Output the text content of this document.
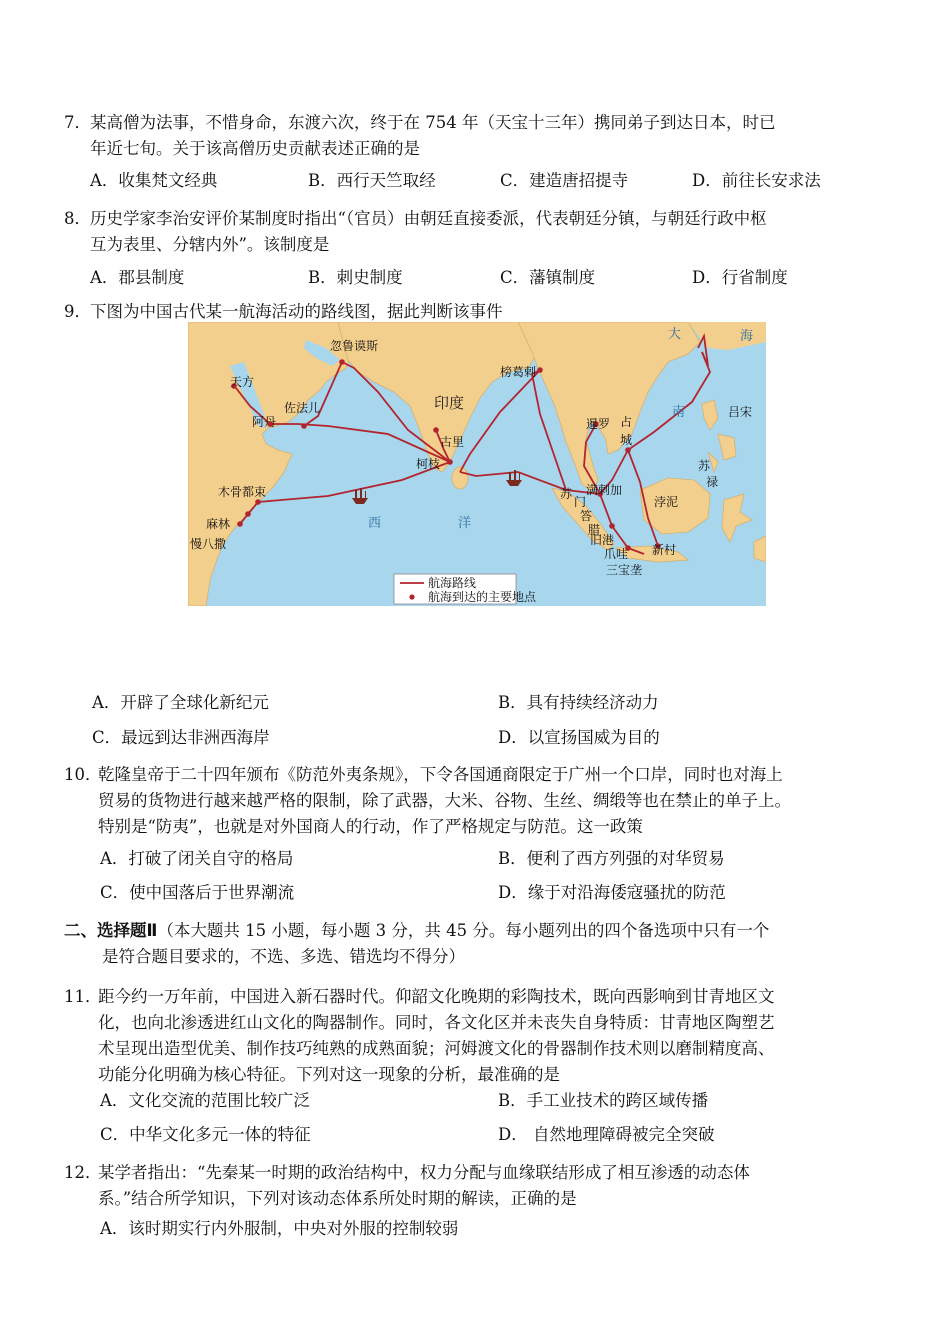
7． 某高僧为法事，不惜身命，东渡六次，终于在 754 年（天宝十三年）携同弟子到达日本，时已
年近七旬。关于该高僧历史贡献表述正确的是
A．收集梵文经典	B．西行天竺取经	C．建造唐招提寺	D．前往长安求法
8． 历史学家李治安评价某制度时指出“（官员）由朝廷直接委派，代表朝廷分镇，与朝廷行政中枢
互为表里、分辖内外”。该制度是
A．郡县制度	B．刺史制度	C．藩镇制度	D．行省制度
9． 下图为中国古代某一航海活动的路线图，据此判断该事件
印度
西	洋
大	海
南
忽鲁谟斯
天方
阿丹
佐法儿
榜葛剌
古里
柯枝
木骨都束
麻林
慢八撒
暹罗 占
城
吕宋
苏
禄
浡泥
满剌加
苏
门
答
腊
旧港
爪哇 新村
三宝垄
航海路线
航海到达的主要地点
A．开辟了全球化新纪元	B．具有持续经济动力
C．最远到达非洲西海岸	D．以宣扬国威为目的
10．
乾隆皇帝于二十四年颁布《防范外夷条规》，下令各国通商限定于广州一个口岸，同时也对海上
贸易的货物进行越来越严格的限制，除了武器，大米、谷物、生丝、绸缎等也在禁止的单子上。
特别是“防夷”，也就是对外国商人的行动，作了严格规定与防范。这一政策
A．打破了闭关自守的格局	B．便利了西方列强的对华贸易
C．使中国落后于世界潮流	D．缘于对沿海倭寇骚扰的防范
二、选择题Ⅱ（本大题共 15 小题，每小题 3 分，共 45 分。每小题列出的四个备选项中只有一个
是符合题目要求的，不选、多选、错选均不得分）
11．
距今约一万年前，中国进入新石器时代。仰韶文化晚期的彩陶技术，既向西影响到甘青地区文
化，也向北渗透进红山文化的陶器制作。同时，各文化区并未丧失自身特质：甘青地区陶塑艺
术呈现出造型优美、制作技巧纯熟的成熟面貌；河姆渡文化的骨器制作技术则以磨制精度高、
功能分化明确为核心特征。下列对这一现象的分析，最准确的是
A．文化交流的范围比较广泛	B．手工业技术的跨区域传播
C．中华文化多元一体的特征	D． 自然地理障碍被完全突破
12．
某学者指出：“先秦某一时期的政治结构中，权力分配与血缘联结形成了相互渗透的动态体
系。”结合所学知识，下列对该动态体系所处时期的解读，正确的是
A．该时期实行内外服制，中央对外服的控制较弱
